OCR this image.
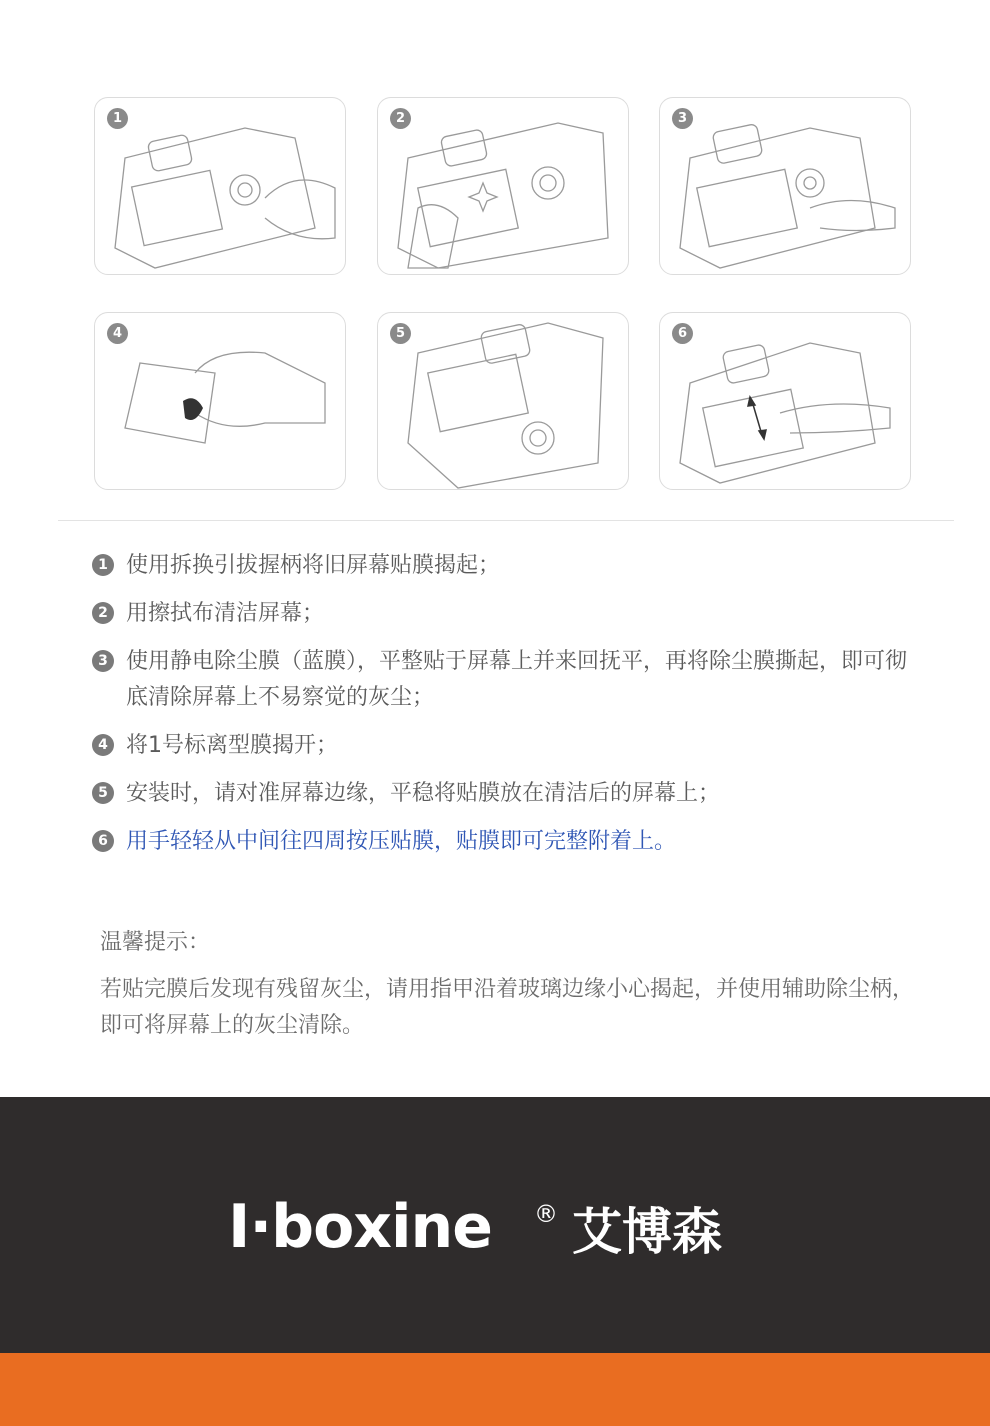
1	2	3
4	5	6
1 使用拆换引拔握柄将旧屏幕贴膜揭起；
2 用擦拭布清洁屏幕；
3 使用静电除尘膜（蓝膜），平整贴于屏幕上并来回抚平，再将除尘膜撕起，即可彻底清除屏幕上不易察觉的灰尘；
4 将1号标离型膜揭开；
5 安装时，请对准屏幕边缘，平稳将贴膜放在清洁后的屏幕上；
6 用手轻轻从中间往四周按压贴膜，贴膜即可完整附着上。
温馨提示：
若贴完膜后发现有残留灰尘，请用指甲沿着玻璃边缘小心揭起，并使用辅助除尘柄，即可将屏幕上的灰尘清除。
I·boxine ® 艾博森
